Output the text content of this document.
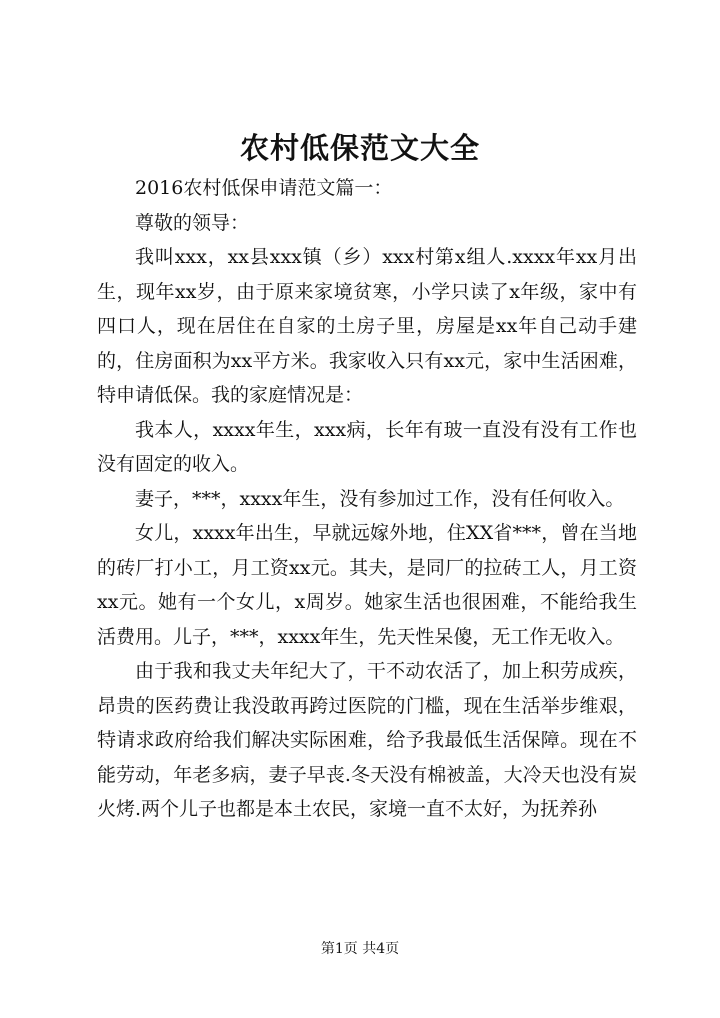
农村低保范文大全

2016农村低保申请范文篇一：

尊敬的领导：

我叫xxx，xx县xxx镇（乡）xxx村第x组人.xxxx年xx月出生，现年xx岁，由于原来家境贫寒，小学只读了x年级，家中有四口人，现在居住在自家的土房子里，房屋是xx年自己动手建的，住房面积为xx平方米。我家收入只有xx元，家中生活困难，特申请低保。我的家庭情况是：

我本人，xxxx年生，xxx病，长年有玻一直没有没有工作也没有固定的收入。

妻子，***，xxxx年生，没有参加过工作，没有任何收入。

女儿，xxxx年出生，早就远嫁外地，住XX省***，曾在当地的砖厂打小工，月工资xx元。其夫，是同厂的拉砖工人，月工资xx元。她有一个女儿，x周岁。她家生活也很困难，不能给我生活费用。儿子，***，xxxx年生，先天性呆傻，无工作无收入。

由于我和我丈夫年纪大了，干不动农活了，加上积劳成疾，昂贵的医药费让我没敢再跨过医院的门槛，现在生活举步维艰，特请求政府给我们解决实际困难，给予我最低生活保障。现在不能劳动，年老多病，妻子早丧.冬天没有棉被盖，大冷天也没有炭火烤.两个儿子也都是本土农民，家境一直不太好，为抚养孙

第1页 共4页
